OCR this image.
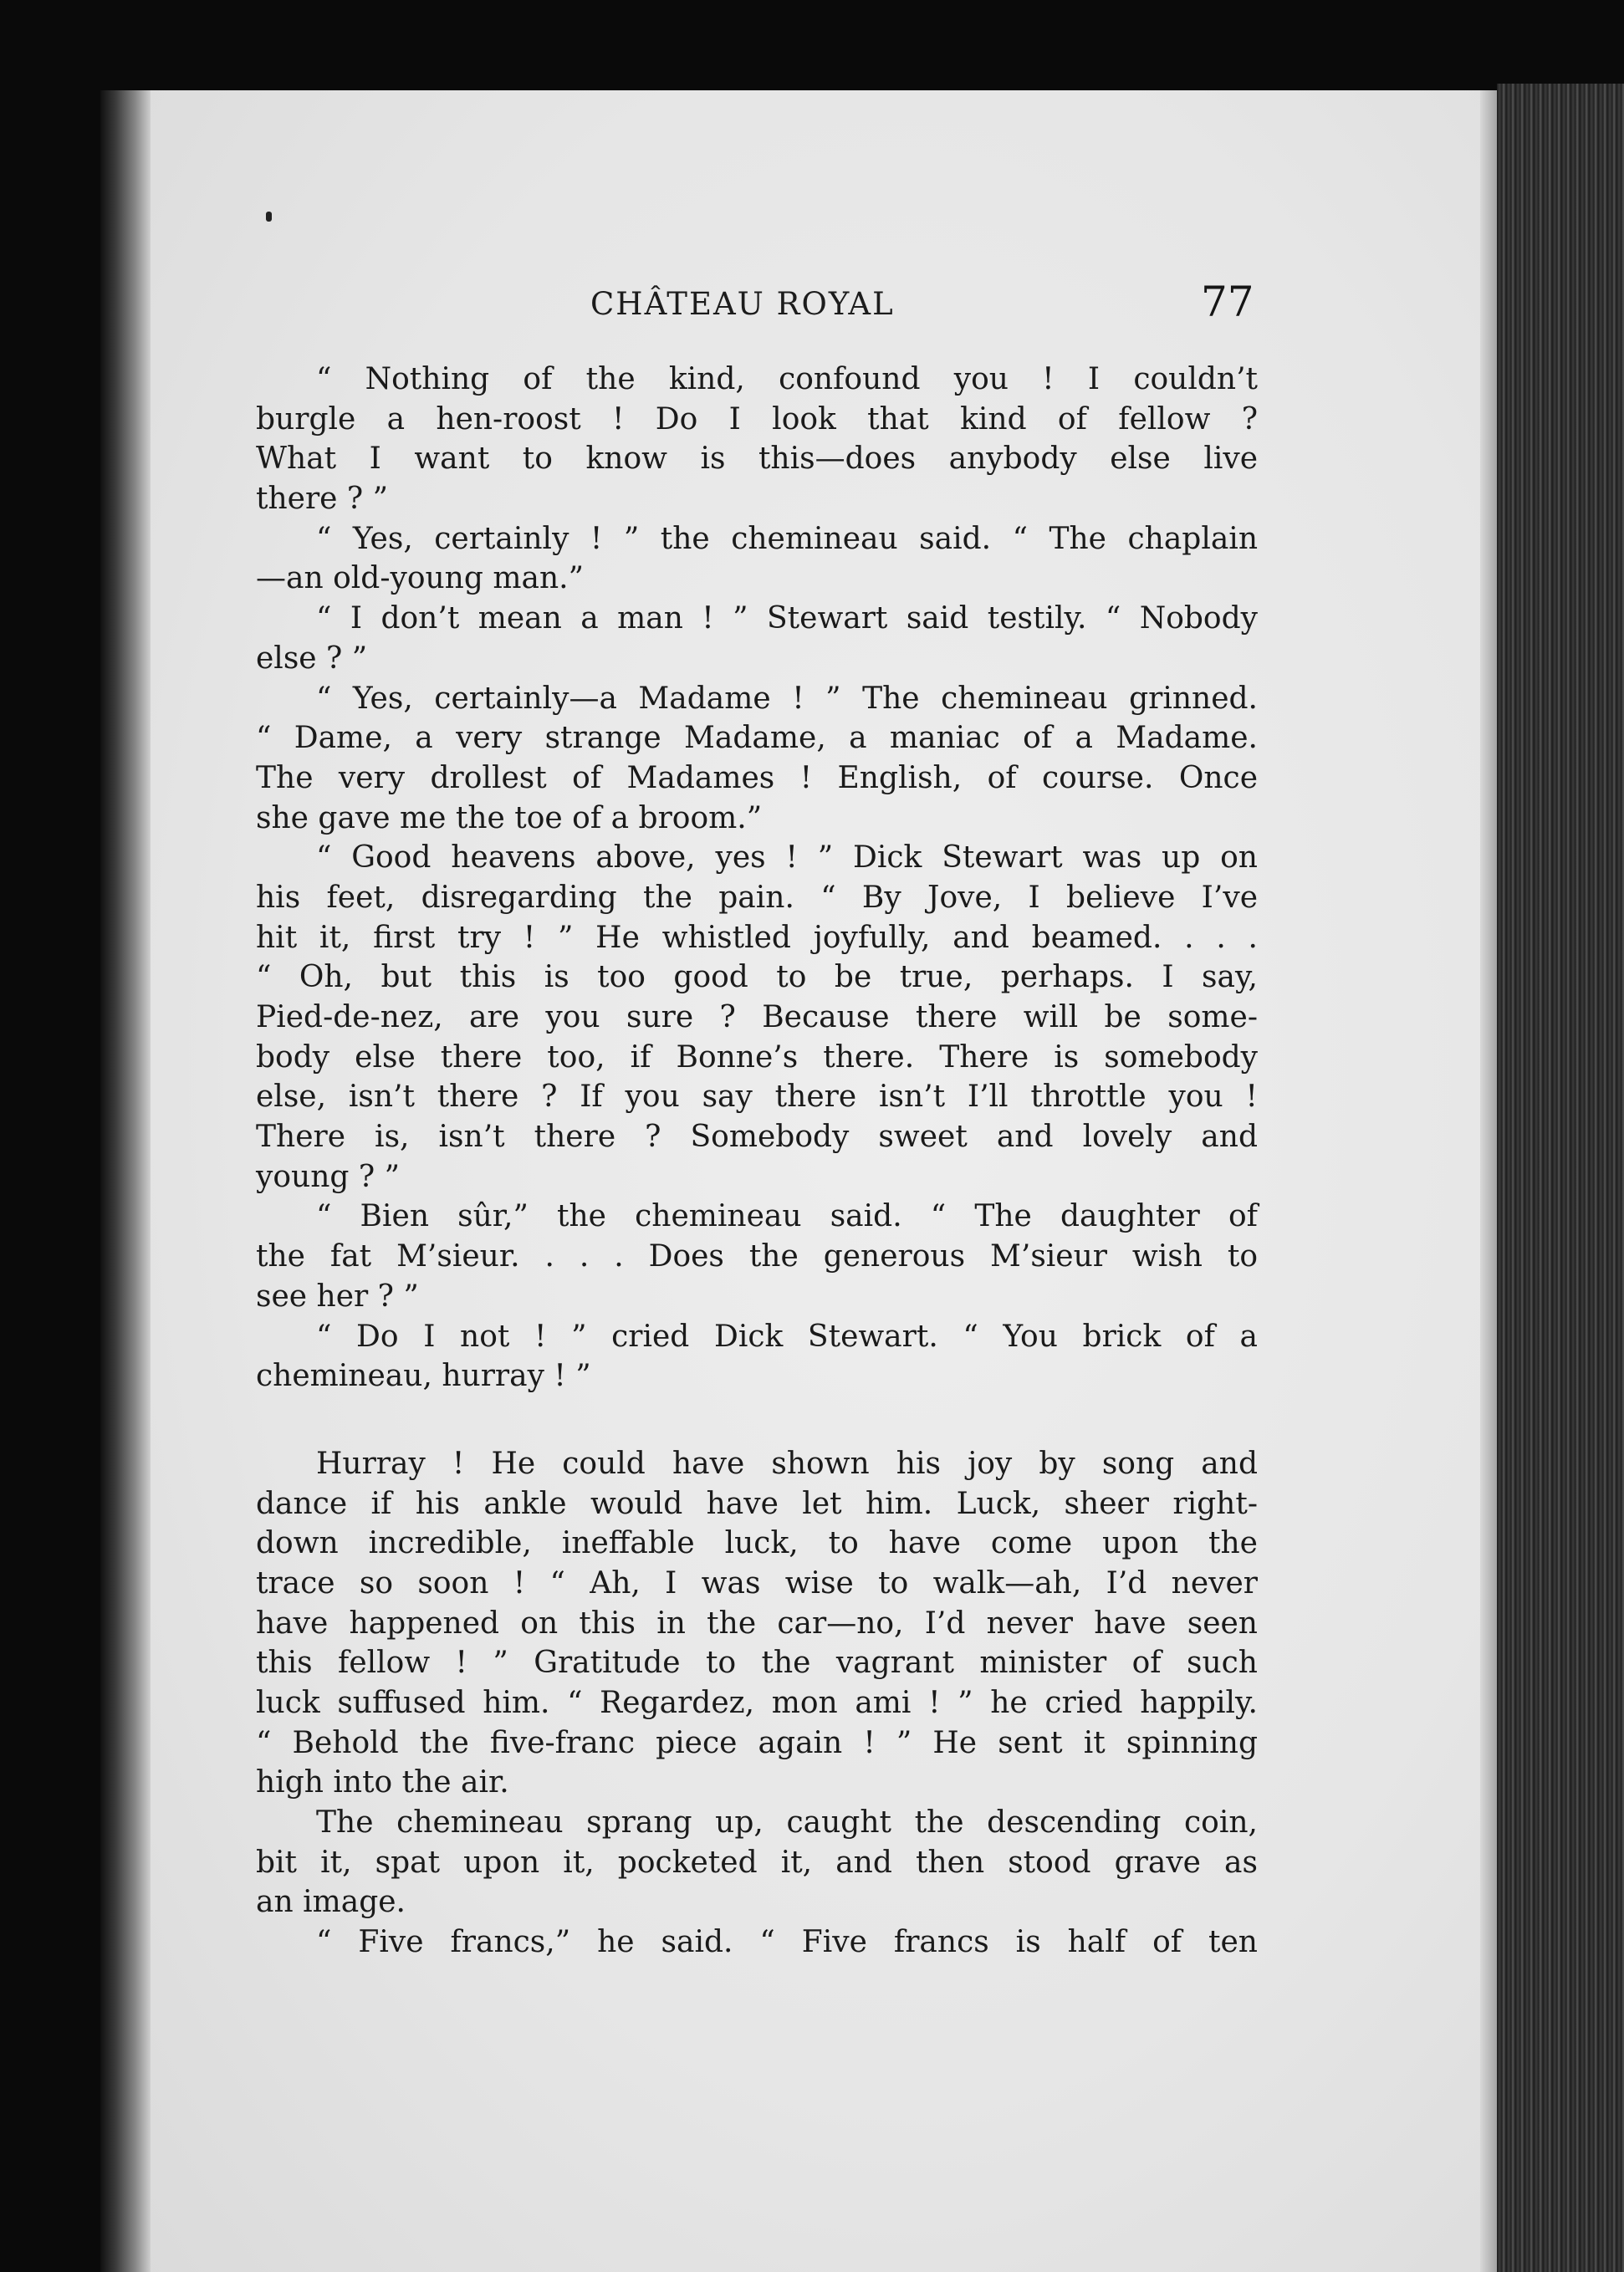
CHÂTEAU ROYAL	77
“ Nothing of the kind, confound you ! I couldn’t
burgle a hen-roost ! Do I look that kind of fellow ?
What I want to know is this—does anybody else live
there ? ”
“ Yes, certainly ! ” the chemineau said. “ The chaplain
—an old-young man.”
“ I don’t mean a man ! ” Stewart said testily. “ Nobody
else ? ”
“ Yes, certainly—a Madame ! ” The chemineau grinned.
“ Dame, a very strange Madame, a maniac of a Madame.
The very drollest of Madames ! English, of course. Once
she gave me the toe of a broom.”
“ Good heavens above, yes ! ” Dick Stewart was up on
his feet, disregarding the pain. “ By Jove, I believe I’ve
hit it, first try ! ” He whistled joyfully, and beamed. . . .
“ Oh, but this is too good to be true, perhaps. I say,
Pied-de-nez, are you sure ? Because there will be some-
body else there too, if Bonne’s there. There is somebody
else, isn’t there ? If you say there isn’t I’ll throttle you !
There is, isn’t there ? Somebody sweet and lovely and
young ? ”
“ Bien sûr,” the chemineau said. “ The daughter of
the fat M’sieur. . . . Does the generous M’sieur wish to
see her ? ”
“ Do I not ! ” cried Dick Stewart. “ You brick of a
chemineau, hurray ! ”
Hurray ! He could have shown his joy by song and
dance if his ankle would have let him. Luck, sheer right-
down incredible, ineffable luck, to have come upon the
trace so soon ! “ Ah, I was wise to walk—ah, I’d never
have happened on this in the car—no, I’d never have seen
this fellow ! ” Gratitude to the vagrant minister of such
luck suffused him. “ Regardez, mon ami ! ” he cried happily.
“ Behold the five-franc piece again ! ” He sent it spinning
high into the air.
The chemineau sprang up, caught the descending coin,
bit it, spat upon it, pocketed it, and then stood grave as
an image.
“ Five francs,” he said. “ Five francs is half of ten
